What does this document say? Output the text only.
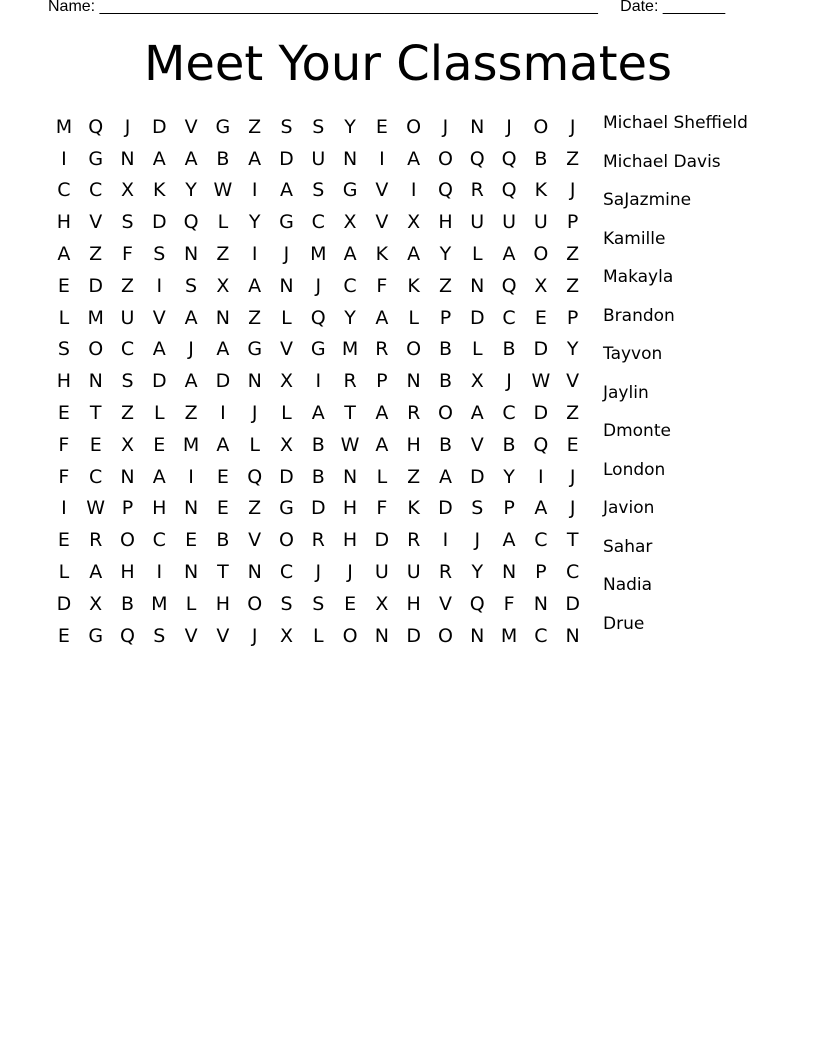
Name: ________________________________________________________ Date: _______
Meet Your Classmates
M Q	J	D V G Z	S	S	Y	E O	J	N	J	O	J
I	G N A A B A D U N	I	A O Q Q B Z
C C X	K	Y W	I	A	S G V	I	Q R Q K	J
H V	S D Q	L	Y G C X V X H U U U	P
A Z	F	S N Z	I	J	M A	K	A	Y	L	A O Z
E D Z	I	S	X A N	J	C	F	K	Z N Q X Z
L M U V A N Z	L	Q Y	A	L	P D C	E	P
S O C A	J	A G V G M R O B	L	B D Y
H N S D A D N X	I	R	P N B X	J	W V
E	T	Z	L	Z	I	J	L	A	T	A R O A C D Z
F	E	X	E M A	L	X B W A H B V B Q E
F	C N A	I	E Q D B N	L	Z A D Y	I	J
I	W P H N E	Z G D H	F	K D S	P	A	J
E	R O C	E	B V O R H D R	I	J	A C	T
L	A H	I	N T N C	J	J	U U R	Y N P	C
D X B M L	H O S	S	E	X H V Q F	N D
E G Q S	V V	J	X	L	O N D O N M C N
Michael Sheffield
Michael Davis
SaJazmine
Kamille
Makayla
Brandon
Tayvon
Jaylin
Dmonte
London
Javion
Sahar
Nadia
Drue
